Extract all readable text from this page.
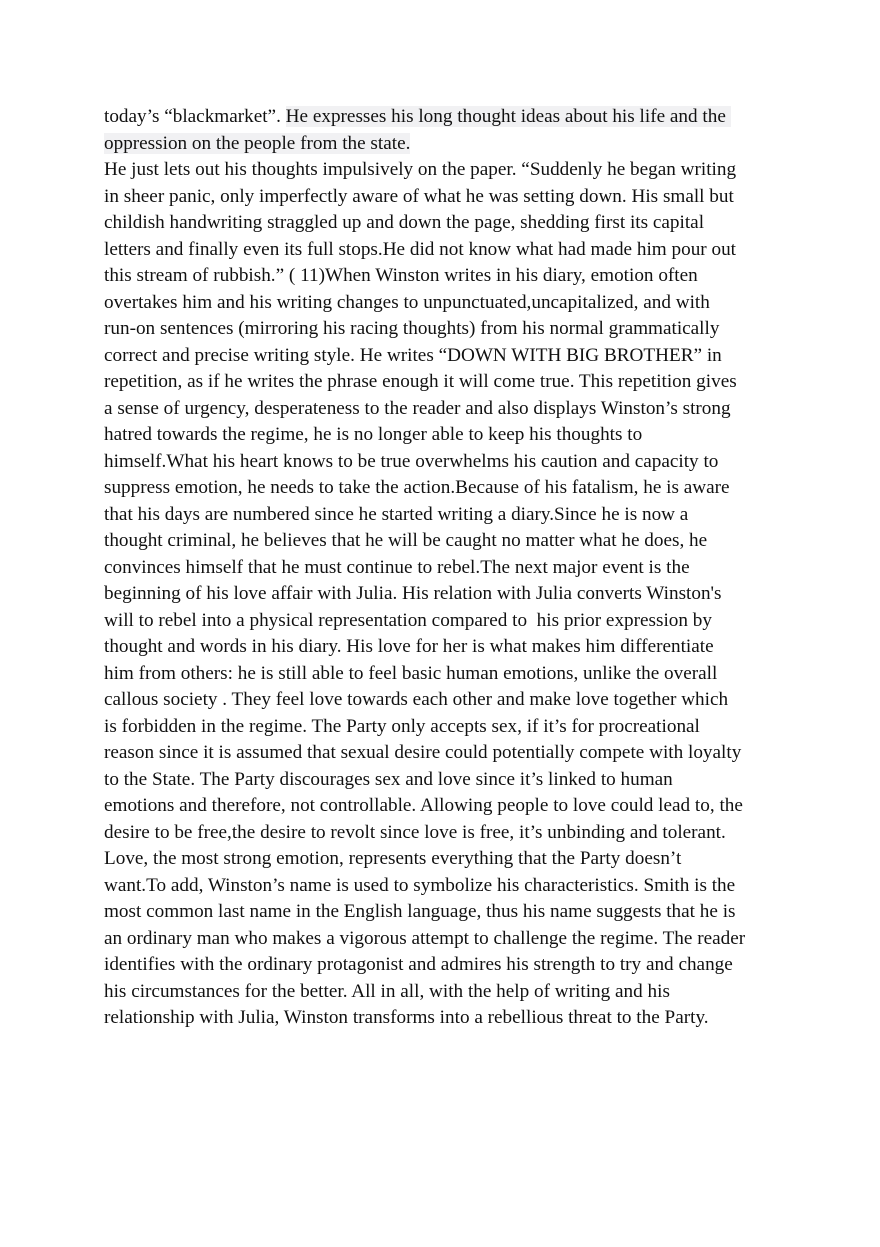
today’s “blackmarket”. He expresses his long thought ideas about his life and the
oppression on the people from the state.
He just lets out his thoughts impulsively on the paper. “Suddenly he began writing
in sheer panic, only imperfectly aware of what he was setting down. His small but
childish handwriting straggled up and down the page, shedding first its capital
letters and finally even its full stops.He did not know what had made him pour out
this stream of rubbish.” ( 11)When Winston writes in his diary, emotion often
overtakes him and his writing changes to unpunctuated,uncapitalized, and with
run-on sentences (mirroring his racing thoughts) from his normal grammatically
correct and precise writing style. He writes “DOWN WITH BIG BROTHER” in
repetition, as if he writes the phrase enough it will come true. This repetition gives
a sense of urgency, desperateness to the reader and also displays Winston’s strong
hatred towards the regime, he is no longer able to keep his thoughts to
himself.What his heart knows to be true overwhelms his caution and capacity to
suppress emotion, he needs to take the action.Because of his fatalism, he is aware
that his days are numbered since he started writing a diary.Since he is now a
thought criminal, he believes that he will be caught no matter what he does, he
convinces himself that he must continue to rebel.The next major event is the
beginning of his love affair with Julia. His relation with Julia converts Winston's
will to rebel into a physical representation compared to  his prior expression by
thought and words in his diary. His love for her is what makes him differentiate
him from others: he is still able to feel basic human emotions, unlike the overall
callous society . They feel love towards each other and make love together which
is forbidden in the regime. The Party only accepts sex, if it’s for procreational
reason since it is assumed that sexual desire could potentially compete with loyalty
to the State. The Party discourages sex and love since it’s linked to human
emotions and therefore, not controllable. Allowing people to love could lead to, the
desire to be free,the desire to revolt since love is free, it’s unbinding and tolerant.
Love, the most strong emotion, represents everything that the Party doesn’t
want.To add, Winston’s name is used to symbolize his characteristics. Smith is the
most common last name in the English language, thus his name suggests that he is
an ordinary man who makes a vigorous attempt to challenge the regime. The reader
identifies with the ordinary protagonist and admires his strength to try and change
his circumstances for the better. All in all, with the help of writing and his
relationship with Julia, Winston transforms into a rebellious threat to the Party.
